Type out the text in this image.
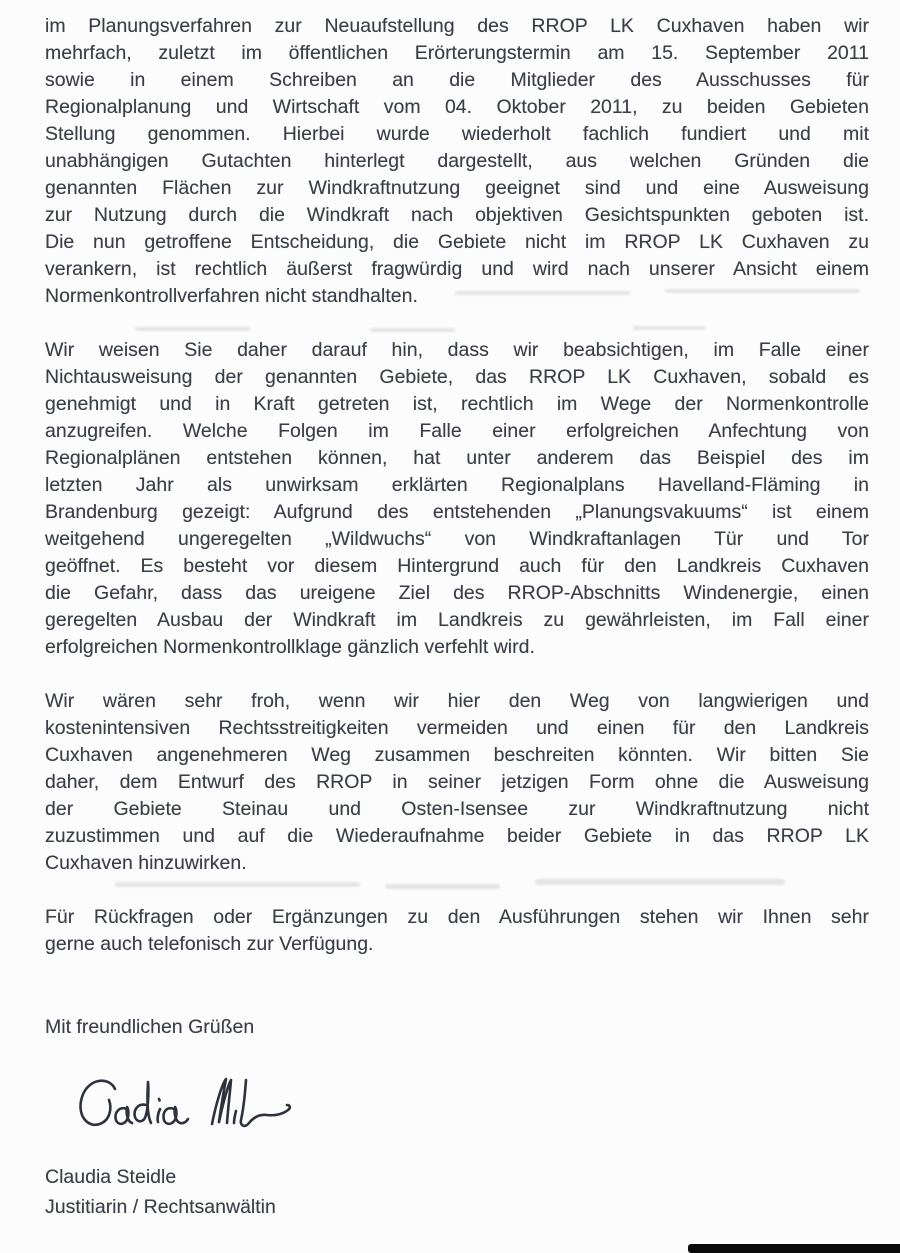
im Planungsverfahren zur Neuaufstellung des RROP LK Cuxhaven haben wir
mehrfach, zuletzt im öffentlichen Erörterungstermin am 15. September 2011
sowie in einem Schreiben an die Mitglieder des Ausschusses für
Regionalplanung und Wirtschaft vom 04. Oktober 2011, zu beiden Gebieten
Stellung genommen. Hierbei wurde wiederholt fachlich fundiert und mit
unabhängigen Gutachten hinterlegt dargestellt, aus welchen Gründen die
genannten Flächen zur Windkraftnutzung geeignet sind und eine Ausweisung
zur Nutzung durch die Windkraft nach objektiven Gesichtspunkten geboten ist.
Die nun getroffene Entscheidung, die Gebiete nicht im RROP LK Cuxhaven zu
verankern, ist rechtlich äußerst fragwürdig und wird nach unserer Ansicht einem
Normenkontrollverfahren nicht standhalten.
Wir weisen Sie daher darauf hin, dass wir beabsichtigen, im Falle einer
Nichtausweisung der genannten Gebiete, das RROP LK Cuxhaven, sobald es
genehmigt und in Kraft getreten ist, rechtlich im Wege der Normenkontrolle
anzugreifen. Welche Folgen im Falle einer erfolgreichen Anfechtung von
Regionalplänen entstehen können, hat unter anderem das Beispiel des im
letzten Jahr als unwirksam erklärten Regionalplans Havelland-Fläming in
Brandenburg gezeigt: Aufgrund des entstehenden „Planungsvakuums“ ist einem
weitgehend ungeregelten „Wildwuchs“ von Windkraftanlagen Tür und Tor
geöffnet. Es besteht vor diesem Hintergrund auch für den Landkreis Cuxhaven
die Gefahr, dass das ureigene Ziel des RROP-Abschnitts Windenergie, einen
geregelten Ausbau der Windkraft im Landkreis zu gewährleisten, im Fall einer
erfolgreichen Normenkontrollklage gänzlich verfehlt wird.
Wir wären sehr froh, wenn wir hier den Weg von langwierigen und
kostenintensiven Rechtsstreitigkeiten vermeiden und einen für den Landkreis
Cuxhaven angenehmeren Weg zusammen beschreiten könnten. Wir bitten Sie
daher, dem Entwurf des RROP in seiner jetzigen Form ohne die Ausweisung
der Gebiete Steinau und Osten-Isensee zur Windkraftnutzung nicht
zuzustimmen und auf die Wiederaufnahme beider Gebiete in das RROP LK
Cuxhaven hinzuwirken.
Für Rückfragen oder Ergänzungen zu den Ausführungen stehen wir Ihnen sehr
gerne auch telefonisch zur Verfügung.
Mit freundlichen Grüßen
Claudia Steidle
Justitiarin / Rechtsanwältin
